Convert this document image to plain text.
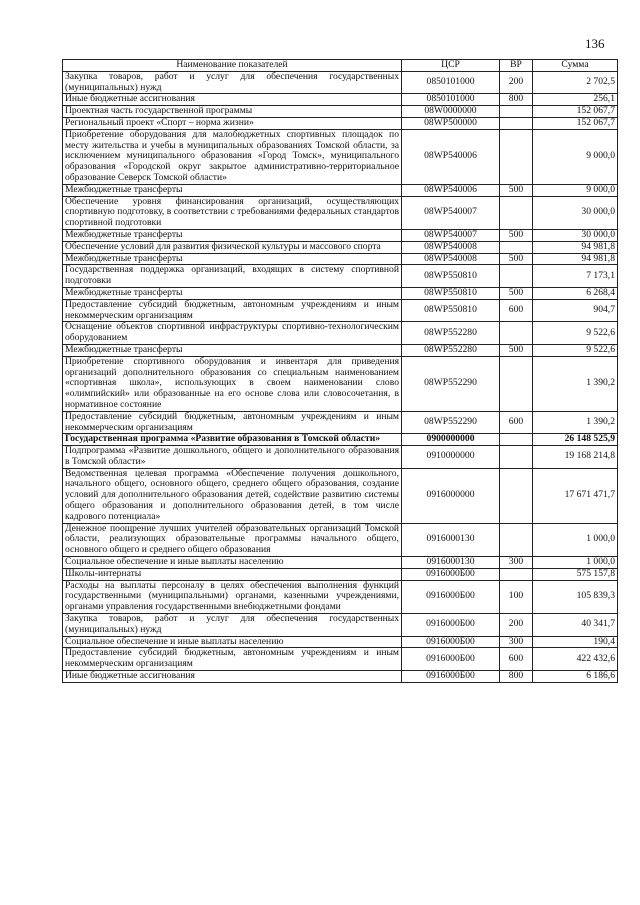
136
Наименование показателей	ЦСР	ВР	Сумма
Закупка товаров, работ и услуг для обеспечения государственных (муниципальных) нужд	0850101000	200	2 702,5
Иные бюджетные ассигнования	0850101000	800	256,1
Проектная часть государственной программы	08W0000000		152 067,7
Региональный проект «Спорт – норма жизни»	08WP500000		152 067,7
Приобретение оборудования для малобюджетных спортивных площадок по месту жительства и учебы в муниципальных образованиях Томской области, за исключением муниципального образования «Город Томск», муниципального образования «Городской округ закрытое административно-территориальное образование Северск Томской области»	08WP540006		9 000,0
Межбюджетные трансферты	08WP540006	500	9 000,0
Обеспечение уровня финансирования организаций, осуществляющих спортивную подготовку, в соответствии с требованиями федеральных стандартов спортивной подготовки	08WP540007		30 000,0
Межбюджетные трансферты	08WP540007	500	30 000,0
Обеспечение условий для развития физической культуры и массового спорта	08WP540008		94 981,8
Межбюджетные трансферты	08WP540008	500	94 981,8
Государственная поддержка организаций, входящих в систему спортивной подготовки	08WP550810		7 173,1
Межбюджетные трансферты	08WP550810	500	6 268,4
Предоставление субсидий бюджетным, автономным учреждениям и иным некоммерческим организациям	08WP550810	600	904,7
Оснащение объектов спортивной инфраструктуры спортивно-технологическим оборудованием	08WP552280		9 522,6
Межбюджетные трансферты	08WP552280	500	9 522,6
Приобретение спортивного оборудования и инвентаря для приведения организаций дополнительного образования со специальным наименованием «спортивная школа», использующих в своем наименовании слово «олимпийский» или образованные на его основе слова или словосочетания, в нормативное состояние	08WP552290		1 390,2
Предоставление субсидий бюджетным, автономным учреждениям и иным некоммерческим организациям	08WP552290	600	1 390,2
Государственная программа «Развитие образования в Томской области»	0900000000		26 148 525,9
Подпрограмма «Развитие дошкольного, общего и дополнительного образования в Томской области»	0910000000		19 168 214,8
Ведомственная целевая программа «Обеспечение получения дошкольного, начального общего, основного общего, среднего общего образования, создание условий для дополнительного образования детей, содействие развитию системы общего образования и дополнительного образования детей, в том числе кадрового потенциала»	0916000000		17 671 471,7
Денежное поощрение лучших учителей образовательных организаций Томской области, реализующих образовательные программы начального общего, основного общего и среднего общего образования	0916000130		1 000,0
Социальное обеспечение и иные выплаты населению	0916000130	300	1 000,0
Школы-интернаты	0916000Б00		575 157,8
Расходы на выплаты персоналу в целях обеспечения выполнения функций государственными (муниципальными) органами, казенными учреждениями, органами управления государственными внебюджетными фондами	0916000Б00	100	105 839,3
Закупка товаров, работ и услуг для обеспечения государственных (муниципальных) нужд	0916000Б00	200	40 341,7
Социальное обеспечение и иные выплаты населению	0916000Б00	300	190,4
Предоставление субсидий бюджетным, автономным учреждениям и иным некоммерческим организациям	0916000Б00	600	422 432,6
Иные бюджетные ассигнования	0916000Б00	800	6 186,6
